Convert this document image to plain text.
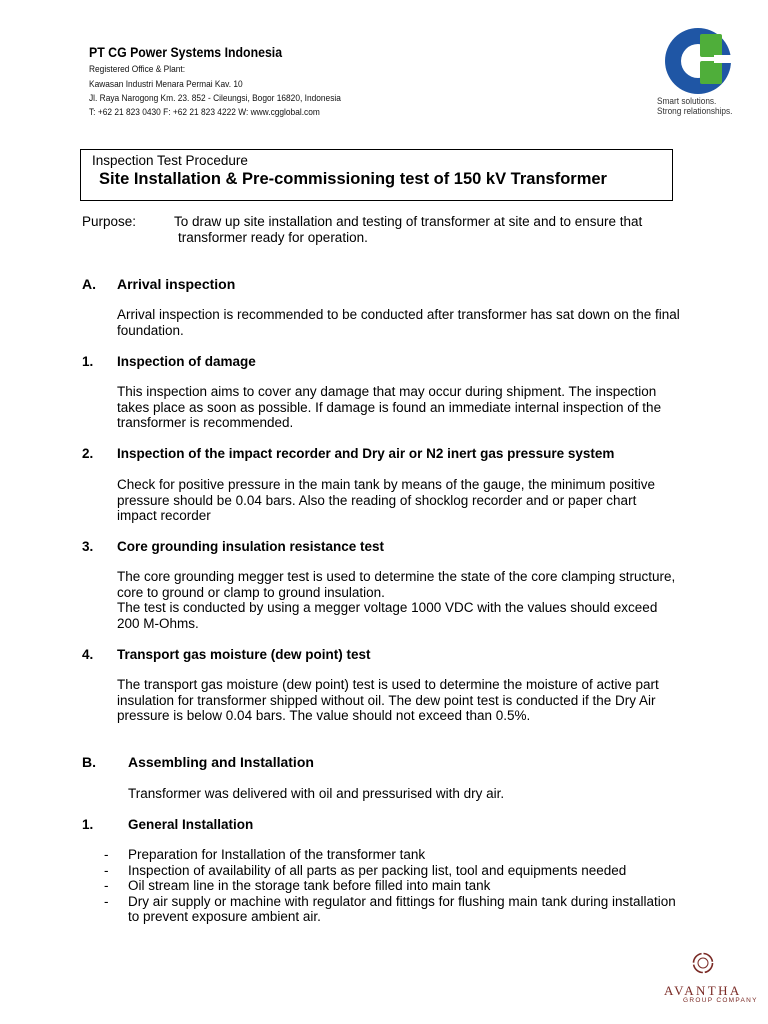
PT CG Power Systems Indonesia
Registered Office & Plant:
Kawasan Industri Menara Permai Kav. 10
Jl. Raya Narogong Km. 23. 852 - Cileungsi, Bogor 16820, Indonesia
T: +62 21 823 0430 F: +62 21 823 4222 W: www.cgglobal.com
Smart solutions.
Strong relationships.
Inspection Test Procedure
Site Installation & Pre-commissioning test of 150 kV Transformer
Purpose:	To draw up site installation and testing of transformer at site and to ensure that
transformer ready for operation.
A. Arrival inspection
Arrival inspection is recommended to be conducted after transformer has sat down on the final
foundation.
1. Inspection of damage
This inspection aims to cover any damage that may occur during shipment. The inspection
takes place as soon as possible. If damage is found an immediate internal inspection of the
transformer is recommended.
2. Inspection of the impact recorder and Dry air or N2 inert gas pressure system
Check for positive pressure in the main tank by means of the gauge, the minimum positive
pressure should be 0.04 bars. Also the reading of shocklog recorder and or paper chart
impact recorder
3. Core grounding insulation resistance test
The core grounding megger test is used to determine the state of the core clamping structure,
core to ground or clamp to ground insulation.
The test is conducted by using a megger voltage 1000 VDC with the values should exceed
200 M-Ohms.
4. Transport gas moisture (dew point) test
The transport gas moisture (dew point) test is used to determine the moisture of active part
insulation for transformer shipped without oil. The dew point test is conducted if the Dry Air
pressure is below 0.04 bars. The value should not exceed than 0.5%.
B. Assembling and Installation
Transformer was delivered with oil and pressurised with dry air.
1.	General Installation
- Preparation for Installation of the transformer tank
- Inspection of availability of all parts as per packing list, tool and equipments needed
- Oil stream line in the storage tank before filled into main tank
- Dry air supply or machine with regulator and fittings for flushing main tank during installation
to prevent exposure ambient air.
AVANTHA
GROUP COMPANY
